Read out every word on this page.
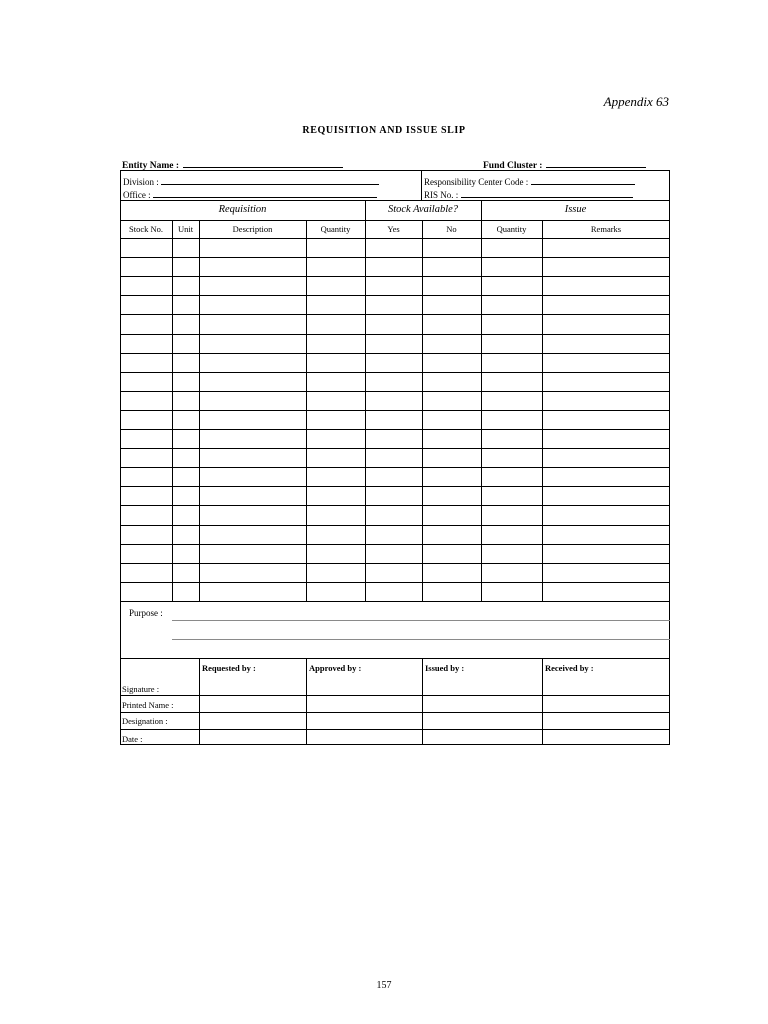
Appendix 63
REQUISITION AND ISSUE SLIP
Entity Name :	Fund Cluster :
Division :
Office :
Responsibility Center Code :
RIS No. :
Requisition	Stock Available?	Issue
Stock No.	Unit	Description	Quantity	Yes	No	Quantity	Remarks
Purpose :
Requested by :	Approved by :	Issued by :	Received by :
Signature :
Printed Name :
Designation :
Date :
157
